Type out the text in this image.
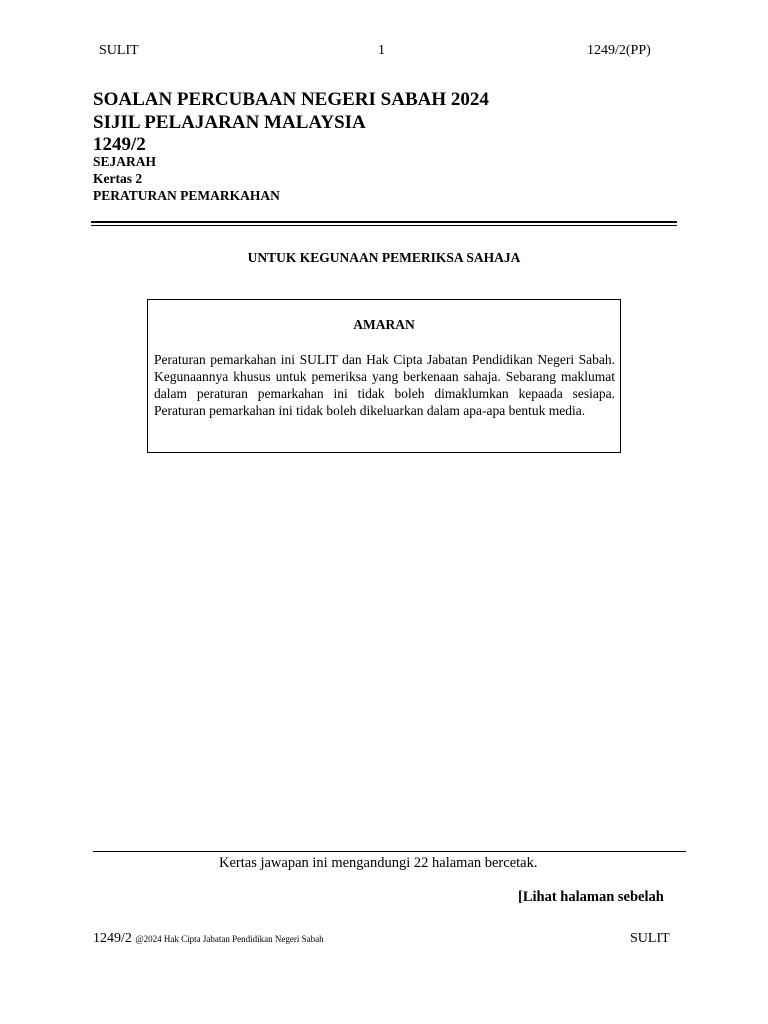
SULIT	1	1249/2(PP)
SOALAN PERCUBAAN NEGERI SABAH 2024
SIJIL PELAJARAN MALAYSIA
1249/2
SEJARAH
Kertas 2
PERATURAN PEMARKAHAN
UNTUK KEGUNAAN PEMERIKSA SAHAJA
AMARAN
Peraturan pemarkahan ini SULIT dan Hak Cipta Jabatan Pendidikan Negeri Sabah. Kegunaannya khusus untuk pemeriksa yang berkenaan sahaja. Sebarang maklumat dalam peraturan pemarkahan ini tidak boleh dimaklumkan kepaada sesiapa. Peraturan pemarkahan ini tidak boleh dikeluarkan dalam apa-apa bentuk media.
Kertas jawapan ini mengandungi 22 halaman bercetak.
[Lihat halaman sebelah
1249/2 @2024 Hak Cipta Jabatan Pendidikan Negeri Sabah	SULIT
